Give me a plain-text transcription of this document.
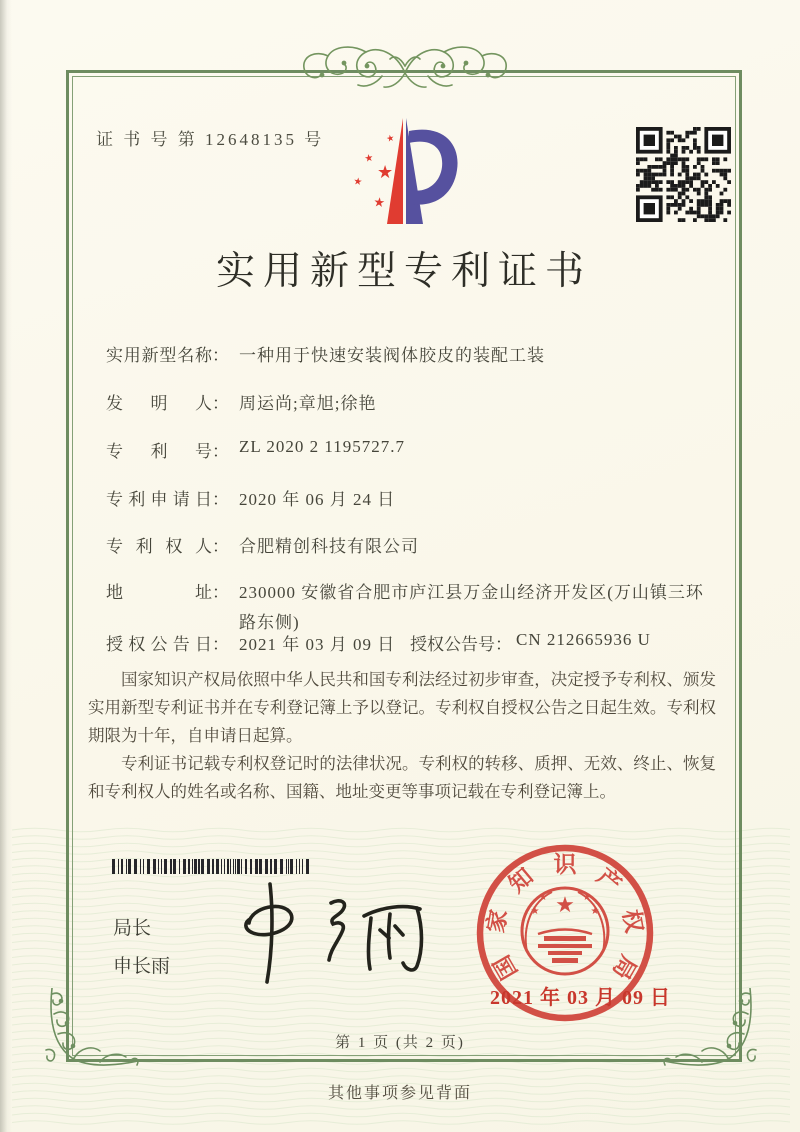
证 书 号 第 12648135 号	★
★
★
★
★
实用新型专利证书
实用新型名称： 一种用于快速安装阀体胶皮的装配工装
发明人： 周运尚;章旭;徐艳
专利号： ZL 2020 2 1195727.7
专利申请日： 2020 年 06 月 24 日
专利权人： 合肥精创科技有限公司
地址： 230000 安徽省合肥市庐江县万金山经济开发区(万山镇三环路东侧)
授权公告日： 2021 年 03 月 09 日 授权公告号： CN 212665936 U

国家知识产权局依照中华人民共和国专利法经过初步审查，决定授予专利权、颁发实用新型专利证书并在专利登记簿上予以登记。专利权自授权公告之日起生效。专利权期限为十年，自申请日起算。

专利证书记载专利权登记时的法律状况。专利权的转移、质押、无效、终止、恢复和专利权人的姓名或名称、国籍、地址变更等事项记载在专利登记簿上。

局长
申长雨	国
家
知 识 产
权
局
★
★	★
★	★
2021 年 03 月 09 日
第 1 页 (共 2 页)
其他事项参见背面
